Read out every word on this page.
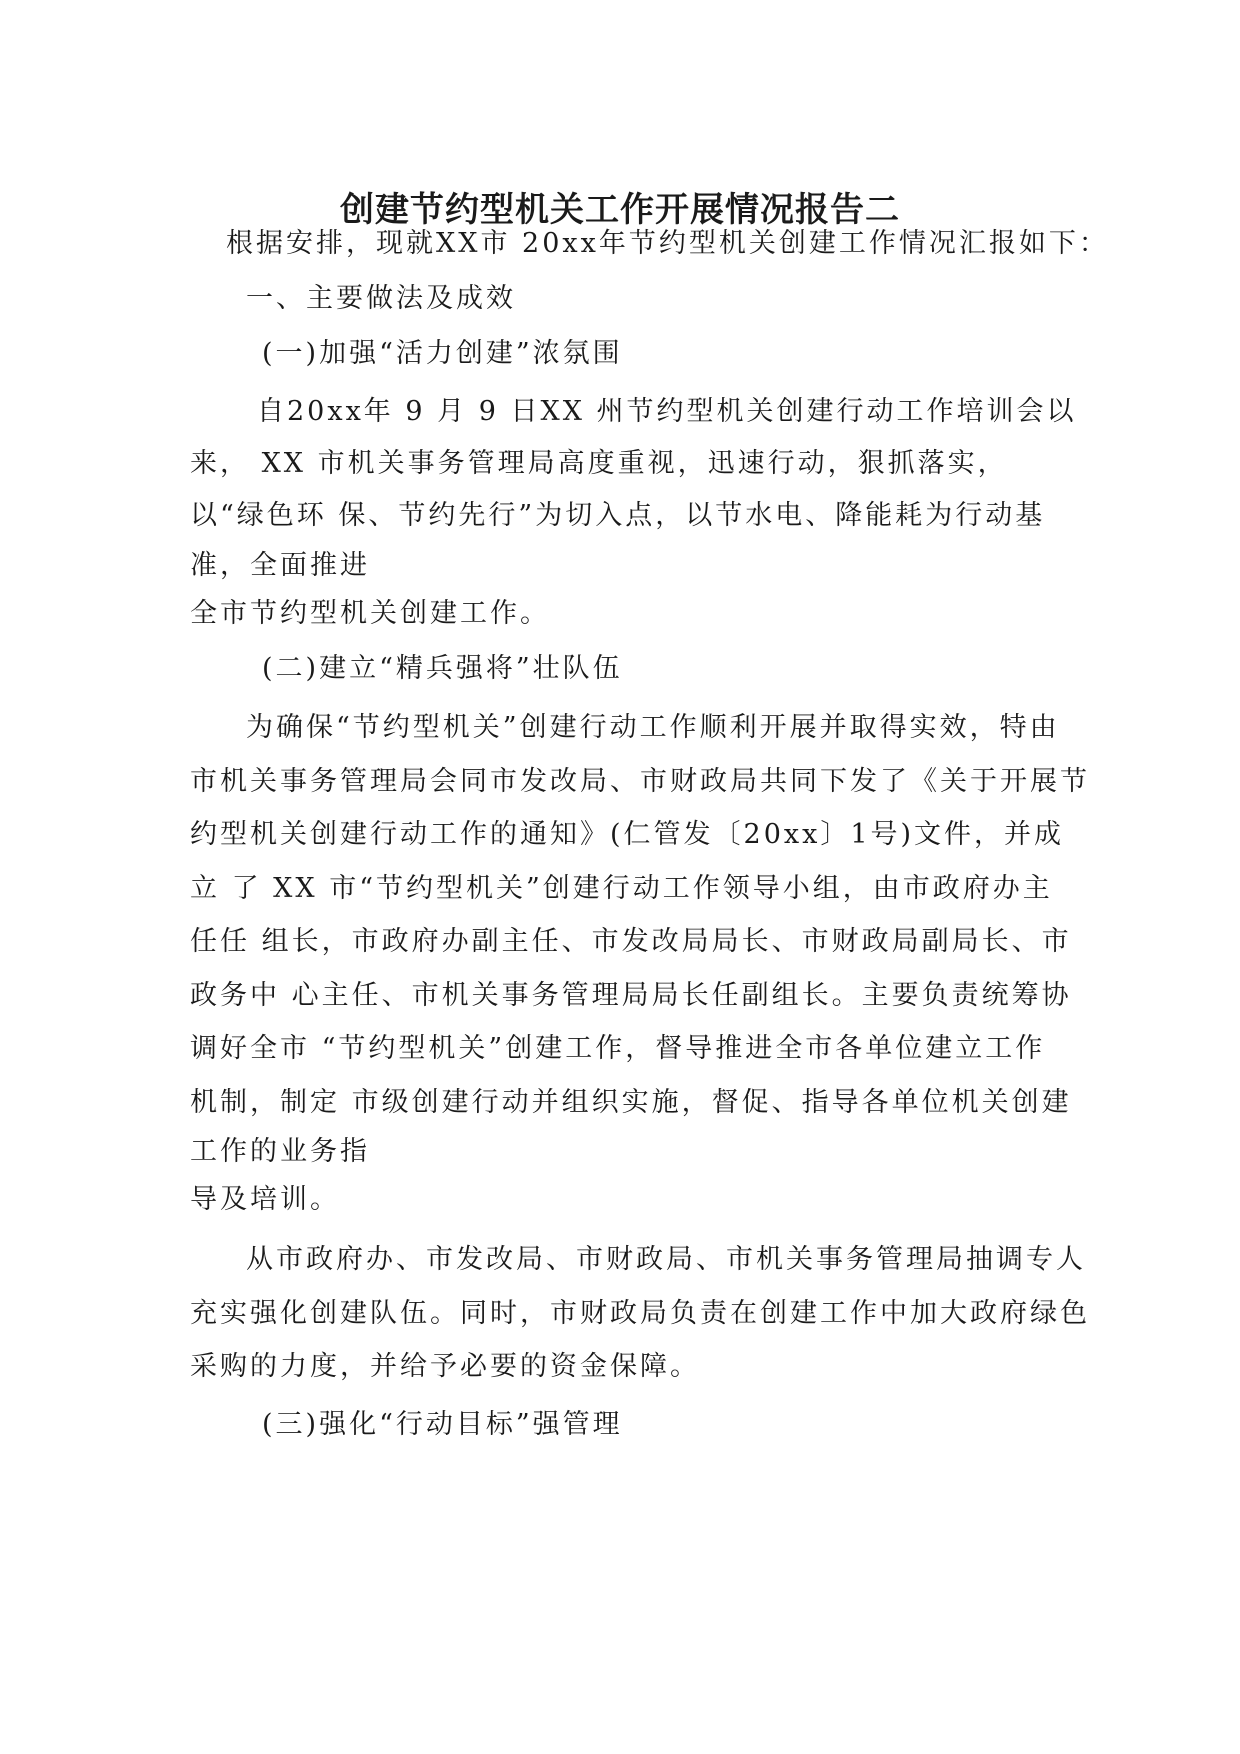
创建节约型机关工作开展情况报告二
根据安排，现就XX市 20xx年节约型机关创建工作情况汇报如下：
一、主要做法及成效
(一)加强“活力创建”浓氛围
自20xx年 9 月 9 日XX 州节约型机关创建行动工作培训会以
来， XX 市机关事务管理局高度重视，迅速行动，狠抓落实，
以“绿色环 保、节约先行”为切入点，以节水电、降能耗为行动基
准，全面推进
全市节约型机关创建工作。
(二)建立“精兵强将”壮队伍
为确保“节约型机关”创建行动工作顺利开展并取得实效，特由
市机关事务管理局会同市发改局、市财政局共同下发了《关于开展节
约型机关创建行动工作的通知》(仁管发〔20xx〕1号)文件，并成
立 了 XX 市“节约型机关”创建行动工作领导小组，由市政府办主
任任 组长，市政府办副主任、市发改局局长、市财政局副局长、市
政务中 心主任、市机关事务管理局局长任副组长。主要负责统筹协
调好全市 “节约型机关”创建工作，督导推进全市各单位建立工作
机制，制定 市级创建行动并组织实施，督促、指导各单位机关创建
工作的业务指
导及培训。
从市政府办、市发改局、市财政局、市机关事务管理局抽调专人
充实强化创建队伍。同时，市财政局负责在创建工作中加大政府绿色
采购的力度，并给予必要的资金保障。
(三)强化“行动目标”强管理
